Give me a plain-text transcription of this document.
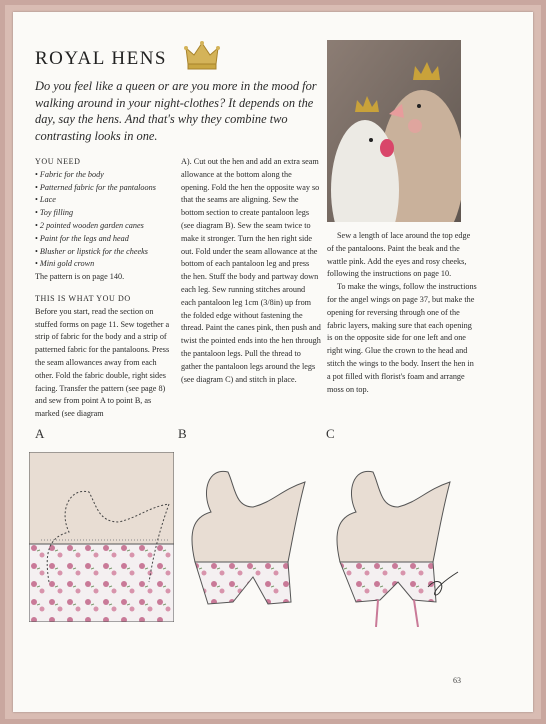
ROYAL HENS
Do you feel like a queen or are you more in the mood for walking around in your night-clothes? It depends on the day, say the hens. And that's why they combine two contrasting looks in one.

YOU NEED

• Fabric for the body
• Patterned fabric for the pantaloons
• Lace
• Toy filling
• 2 pointed wooden garden canes
• Paint for the legs and head
• Blusher or lipstick for the cheeks
• Mini gold crown

The pattern is on page 140.

THIS IS WHAT YOU DO

Before you start, read the section on stuffed forms on page 11. Sew together a strip of fabric for the body and a strip of patterned fabric for the pantaloons. Press the seam allowances away from each other. Fold the fabric double, right sides facing. Transfer the pattern (see page 8) and sew from point A to point B, as marked (see diagram

A). Cut out the hen and add an extra seam allowance at the bottom along the opening. Fold the hen the opposite way so that the seams are aligning. Sew the bottom section to create pantaloon legs (see diagram B). Sew the seam twice to make it stronger. Turn the hen right side out. Fold under the seam allowance at the bottom of each pantaloon leg and press the hen. Stuff the body and partway down each leg. Sew running stitches around each pantaloon leg 1cm (3/8in) up from the folded edge without fastening the thread. Paint the canes pink, then push and twist the pointed ends into the hen through the pantaloon legs. Pull the thread to gather the pantaloon legs around the legs (see diagram C) and stitch in place.

Sew a length of lace around the top edge of the pantaloons. Paint the beak and the wattle pink. Add the eyes and rosy cheeks, following the instructions on page 10.

To make the wings, follow the instructions for the angel wings on page 37, but make the opening for reversing through one of the fabric layers, making sure that each opening is on the opposite side for one left and one right wing. Glue the crown to the head and stitch the wings to the body. Insert the hen in a pot filled with florist's foam and arrange moss on top.

A	B	C
63
